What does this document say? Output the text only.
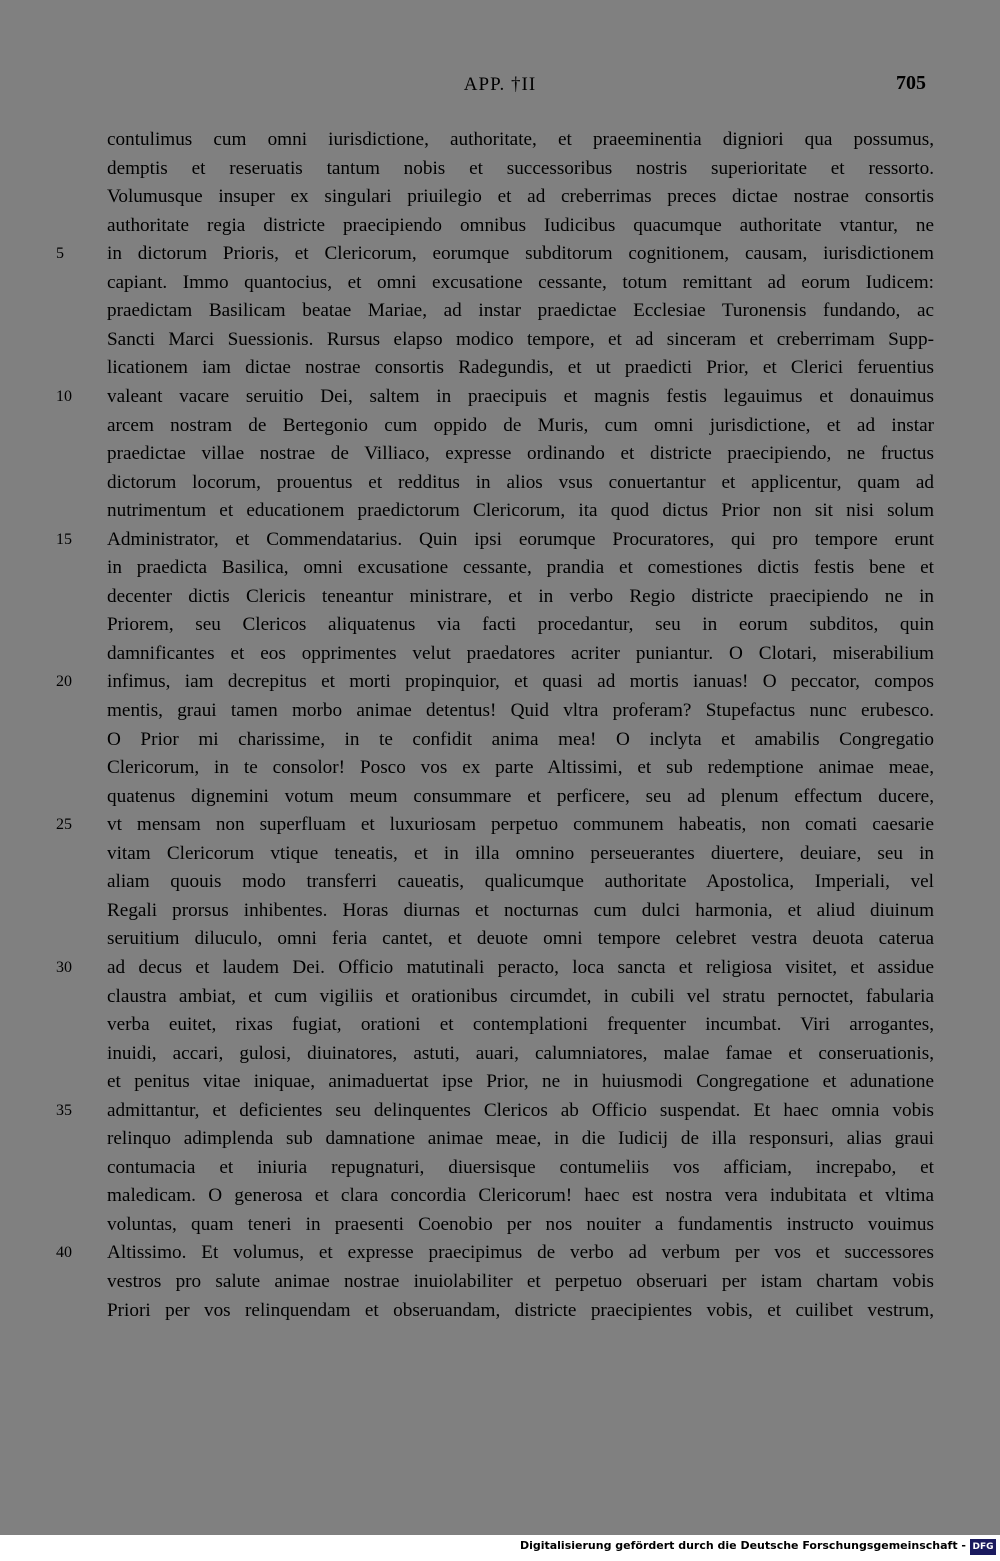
APP. †II	705
contulimus cum omni iurisdictione, authoritate, et praeeminentia digniori qua possumus,
demptis et reseruatis tantum nobis et successoribus nostris superioritate et ressorto.
Volumusque insuper ex singulari priuilegio et ad creberrimas preces dictae nostrae consortis
authoritate regia districte praecipiendo omnibus Iudicibus quacumque authoritate vtantur, ne
in dictorum Prioris, et Clericorum, eorumque subditorum cognitionem, causam, iurisdictionem
capiant. Immo quantocius, et omni excusatione cessante, totum remittant ad eorum Iudicem:
praedictam Basilicam beatae Mariae, ad instar praedictae Ecclesiae Turonensis fundando, ac
Sancti Marci Suessionis. Rursus elapso modico tempore, et ad sinceram et creberrimam Supp-
licationem iam dictae nostrae consortis Radegundis, et ut praedicti Prior, et Clerici feruentius
valeant vacare seruitio Dei, saltem in praecipuis et magnis festis legauimus et donauimus
arcem nostram de Bertegonio cum oppido de Muris, cum omni jurisdictione, et ad instar
praedictae villae nostrae de Villiaco, expresse ordinando et districte praecipiendo, ne fructus
dictorum locorum, prouentus et redditus in alios vsus conuertantur et applicentur, quam ad
nutrimentum et educationem praedictorum Clericorum, ita quod dictus Prior non sit nisi solum
Administrator, et Commendatarius. Quin ipsi eorumque Procuratores, qui pro tempore erunt
in praedicta Basilica, omni excusatione cessante, prandia et comestiones dictis festis bene et
decenter dictis Clericis teneantur ministrare, et in verbo Regio districte praecipiendo ne in
Priorem, seu Clericos aliquatenus via facti procedantur, seu in eorum subditos, quin
damnificantes et eos opprimentes velut praedatores acriter puniantur. O Clotari, miserabilium
infimus, iam decrepitus et morti propinquior, et quasi ad mortis ianuas! O peccator, compos
mentis, graui tamen morbo animae detentus! Quid vltra proferam? Stupefactus nunc erubesco.
O Prior mi charissime, in te confidit anima mea! O inclyta et amabilis Congregatio
Clericorum, in te consolor! Posco vos ex parte Altissimi, et sub redemptione animae meae,
quatenus dignemini votum meum consummare et perficere, seu ad plenum effectum ducere,
vt mensam non superfluam et luxuriosam perpetuo communem habeatis, non comati caesarie
vitam Clericorum vtique teneatis, et in illa omnino perseuerantes diuertere, deuiare, seu in
aliam quouis modo transferri caueatis, qualicumque authoritate Apostolica, Imperiali, vel
Regali prorsus inhibentes. Horas diurnas et nocturnas cum dulci harmonia, et aliud diuinum
seruitium diluculo, omni feria cantet, et deuote omni tempore celebret vestra deuota caterua
ad decus et laudem Dei. Officio matutinali peracto, loca sancta et religiosa visitet, et assidue
claustra ambiat, et cum vigiliis et orationibus circumdet, in cubili vel stratu pernoctet, fabularia
verba euitet, rixas fugiat, orationi et contemplationi frequenter incumbat. Viri arrogantes,
inuidi, accari, gulosi, diuinatores, astuti, auari, calumniatores, malae famae et conseruationis,
et penitus vitae iniquae, animaduertat ipse Prior, ne in huiusmodi Congregatione et adunatione
admittantur, et deficientes seu delinquentes Clericos ab Officio suspendat. Et haec omnia vobis
relinquo adimplenda sub damnatione animae meae, in die Iudicij de illa responsuri, alias graui
contumacia et iniuria repugnaturi, diuersisque contumeliis vos afficiam, increpabo, et
maledicam. O generosa et clara concordia Clericorum! haec est nostra vera indubitata et vltima
voluntas, quam teneri in praesenti Coenobio per nos nouiter a fundamentis instructo vouimus
Altissimo. Et volumus, et expresse praecipimus de verbo ad verbum per vos et successores
vestros pro salute animae nostrae inuiolabiliter et perpetuo obseruari per istam chartam vobis
Priori per vos relinquendam et obseruandam, districte praecipientes vobis, et cuilibet vestrum,
5
10
15
20
25
30
35
40
Digitalisierung gefördert durch die Deutsche Forschungsgemeinschaft - DFG
